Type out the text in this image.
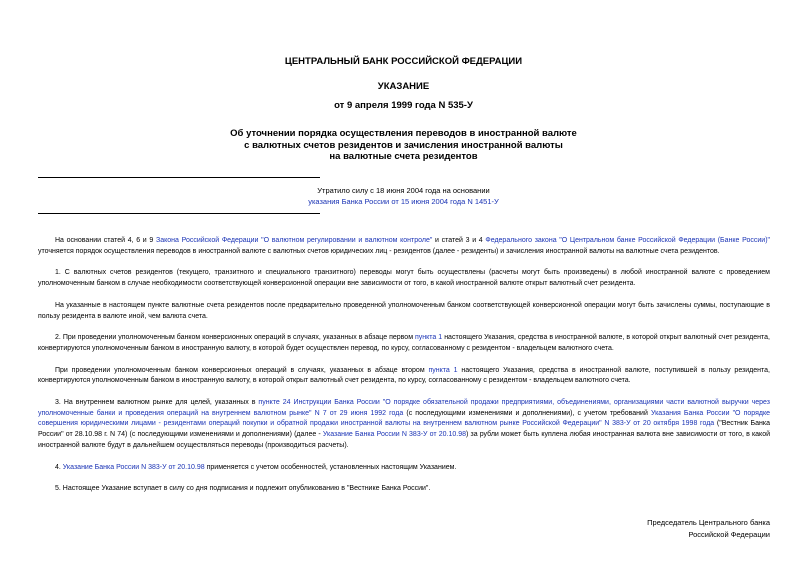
ЦЕНТРАЛЬНЫЙ БАНК РОССИЙСКОЙ ФЕДЕРАЦИИ
УКАЗАНИЕ
от 9 апреля 1999 года N 535-У
Об уточнении порядка осуществления переводов в иностранной валюте
с валютных счетов резидентов и зачисления иностранной валюты
на валютные счета резидентов
Утратило силу с 18 июня 2004 года на основании
указания Банка России от 15 июня 2004 года N 1451-У

На основании статей 4, 6 и 9 Закона Российской Федерации "О валютном регулировании и валютном контроле" и статей 3 и 4 Федерального закона "О Центральном банке Российской Федерации (Банке России)" уточняется порядок осуществления переводов в иностранной валюте с валютных счетов юридических лиц - резидентов (далее - резиденты) и зачисления иностранной валюты на валютные счета резидентов.

1. С валютных счетов резидентов (текущего, транзитного и специального транзитного) переводы могут быть осуществлены (расчеты могут быть произведены) в любой иностранной валюте с проведением уполномоченным банком в случае необходимости соответствующей конверсионной операции вне зависимости от того, в какой иностранной валюте открыт валютный счет резидента.

На указанные в настоящем пункте валютные счета резидентов после предварительно проведенной уполномоченным банком соответствующей конверсионной операции могут быть зачислены суммы, поступающие в пользу резидента в валюте иной, чем валюта счета.

2. При проведении уполномоченным банком конверсионных операций в случаях, указанных в абзаце первом пункта 1 настоящего Указания, средства в иностранной валюте, в которой открыт валютный счет резидента, конвертируются уполномоченным банком в иностранную валюту, в которой будет осуществлен перевод, по курсу, согласованному с резидентом - владельцем валютного счета.

При проведении уполномоченным банком конверсионных операций в случаях, указанных в абзаце втором пункта 1 настоящего Указания, средства в иностранной валюте, поступившей в пользу резидента, конвертируются уполномоченным банком в иностранную валюту, в которой открыт валютный счет резидента, по курсу, согласованному с резидентом - владельцем валютного счета.

3. На внутреннем валютном рынке для целей, указанных в пункте 24 Инструкции Банка России "О порядке обязательной продажи предприятиями, объединениями, организациями части валютной выручки через уполномоченные банки и проведения операций на внутреннем валютном рынке" N 7 от 29 июня 1992 года (с последующими изменениями и дополнениями), с учетом требований Указания Банка России "О порядке совершения юридическими лицами - резидентами операций покупки и обратной продажи иностранной валюты на внутреннем валютном рынке Российской Федерации" N 383-У от 20 октября 1998 года ("Вестник Банка России" от 28.10.98 г. N 74) (с последующими изменениями и дополнениями) (далее - Указание Банка России N 383-У от 20.10.98) за рубли может быть куплена любая иностранная валюта вне зависимости от того, в какой иностранной валюте будут в дальнейшем осуществляться переводы (производиться расчеты).

4. Указание Банка России N 383-У от 20.10.98 применяется с учетом особенностей, установленных настоящим Указанием.

5. Настоящее Указание вступает в силу со дня подписания и подлежит опубликованию в "Вестнике Банка России".

Председатель Центрального банка
Российской Федерации
